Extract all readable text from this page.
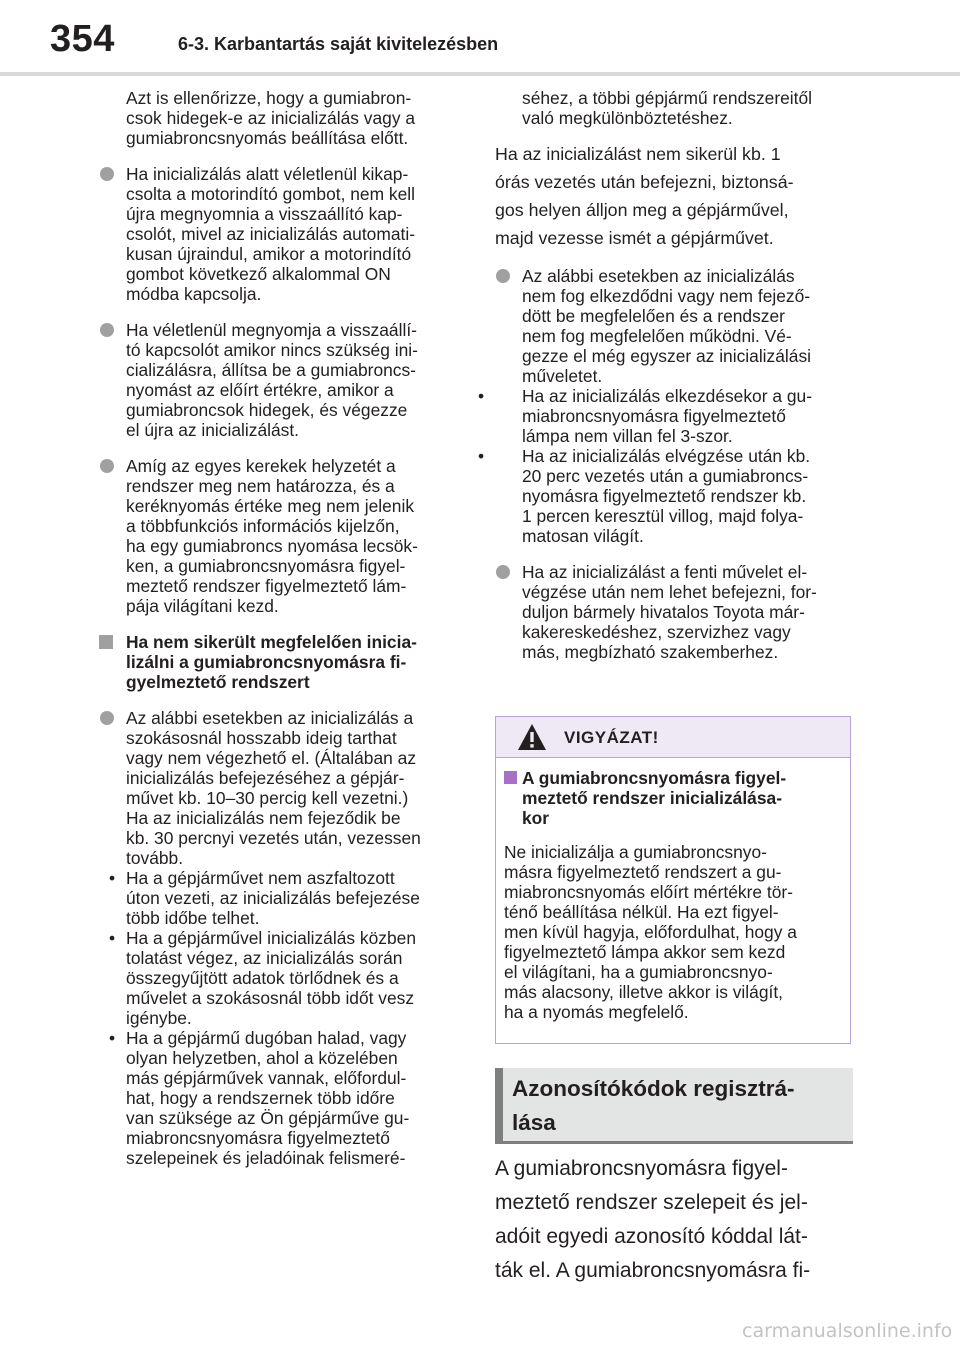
354	6-3. Karbantartás saját kivitelezésben
Azt is ellenőrizze, hogy a gumiabron-
csok hidegek-e az inicializálás vagy a
gumiabroncsnyomás beállítása előtt.
Ha inicializálás alatt véletlenül kikap-
csolta a motorindító gombot, nem kell
újra megnyomnia a visszaállító kap-
csolót, mivel az inicializálás automati-
kusan újraindul, amikor a motorindító
gombot következő alkalommal ON
módba kapcsolja.
Ha véletlenül megnyomja a visszaállí-
tó kapcsolót amikor nincs szükség ini-
cializálásra, állítsa be a gumiabroncs-
nyomást az előírt értékre, amikor a
gumiabroncsok hidegek, és végezze
el újra az inicializálást.
Amíg az egyes kerekek helyzetét a
rendszer meg nem határozza, és a
keréknyomás értéke meg nem jelenik
a többfunkciós információs kijelzőn,
ha egy gumiabroncs nyomása lecsök-
ken, a gumiabroncsnyomásra figyel-
meztető rendszer figyelmeztető lám-
pája világítani kezd.
Ha nem sikerült megfelelően inicia-
lizálni a gumiabroncsnyomásra fi-
gyelmeztető rendszert
Az alábbi esetekben az inicializálás a
szokásosnál hosszabb ideig tarthat
vagy nem végezhető el. (Általában az
inicializálás befejezéséhez a gépjár-
művet kb. 10–30 percig kell vezetni.)
Ha az inicializálás nem fejeződik be
kb. 30 percnyi vezetés után, vezessen
tovább.
• Ha a gépjárművet nem aszfaltozott
úton vezeti, az inicializálás befejezése
több időbe telhet.
• Ha a gépjárművel inicializálás közben
tolatást végez, az inicializálás során
összegyűjtött adatok törlődnek és a
művelet a szokásosnál több időt vesz
igénybe.
• Ha a gépjármű dugóban halad, vagy
olyan helyzetben, ahol a közelében
más gépjárművek vannak, előfordul-
hat, hogy a rendszernek több időre
van szüksége az Ön gépjárműve gu-
miabroncsnyomásra figyelmeztető
szelepeinek és jeladóinak felismeré-
séhez, a többi gépjármű rendszereitől
való megkülönböztetéshez.
Ha az inicializálást nem sikerül kb. 1
órás vezetés után befejezni, biztonsá-
gos helyen álljon meg a gépjárművel,
majd vezesse ismét a gépjárművet.
Az alábbi esetekben az inicializálás
nem fog elkezdődni vagy nem fejező-
dött be megfelelően és a rendszer
nem fog megfelelően működni. Vé-
gezze el még egyszer az inicializálási
műveletet.
• Ha az inicializálás elkezdésekor a gu-
miabroncsnyomásra figyelmeztető
lámpa nem villan fel 3-szor.
• Ha az inicializálás elvégzése után kb.
20 perc vezetés után a gumiabroncs-
nyomásra figyelmeztető rendszer kb.
1 percen keresztül villog, majd folya-
matosan világít.
Ha az inicializálást a fenti művelet el-
végzése után nem lehet befejezni, for-
duljon bármely hivatalos Toyota már-
kakereskedéshez, szervizhez vagy
más, megbízható szakemberhez.
VIGYÁZAT!
A gumiabroncsnyomásra figyel-
meztető rendszer inicializálása-
kor
Ne inicializálja a gumiabroncsnyo-
másra figyelmeztető rendszert a gu-
miabroncsnyomás előírt mértékre tör-
ténő beállítása nélkül. Ha ezt figyel-
men kívül hagyja, előfordulhat, hogy a
figyelmeztető lámpa akkor sem kezd
el világítani, ha a gumiabroncsnyo-
más alacsony, illetve akkor is világít,
ha a nyomás megfelelő.
Azonosítókódok regisztrá-
lása
A gumiabroncsnyomásra figyel-
meztető rendszer szelepeit és jel-
adóit egyedi azonosító kóddal lát-
ták el. A gumiabroncsnyomásra fi-
carmanualsonline.info
